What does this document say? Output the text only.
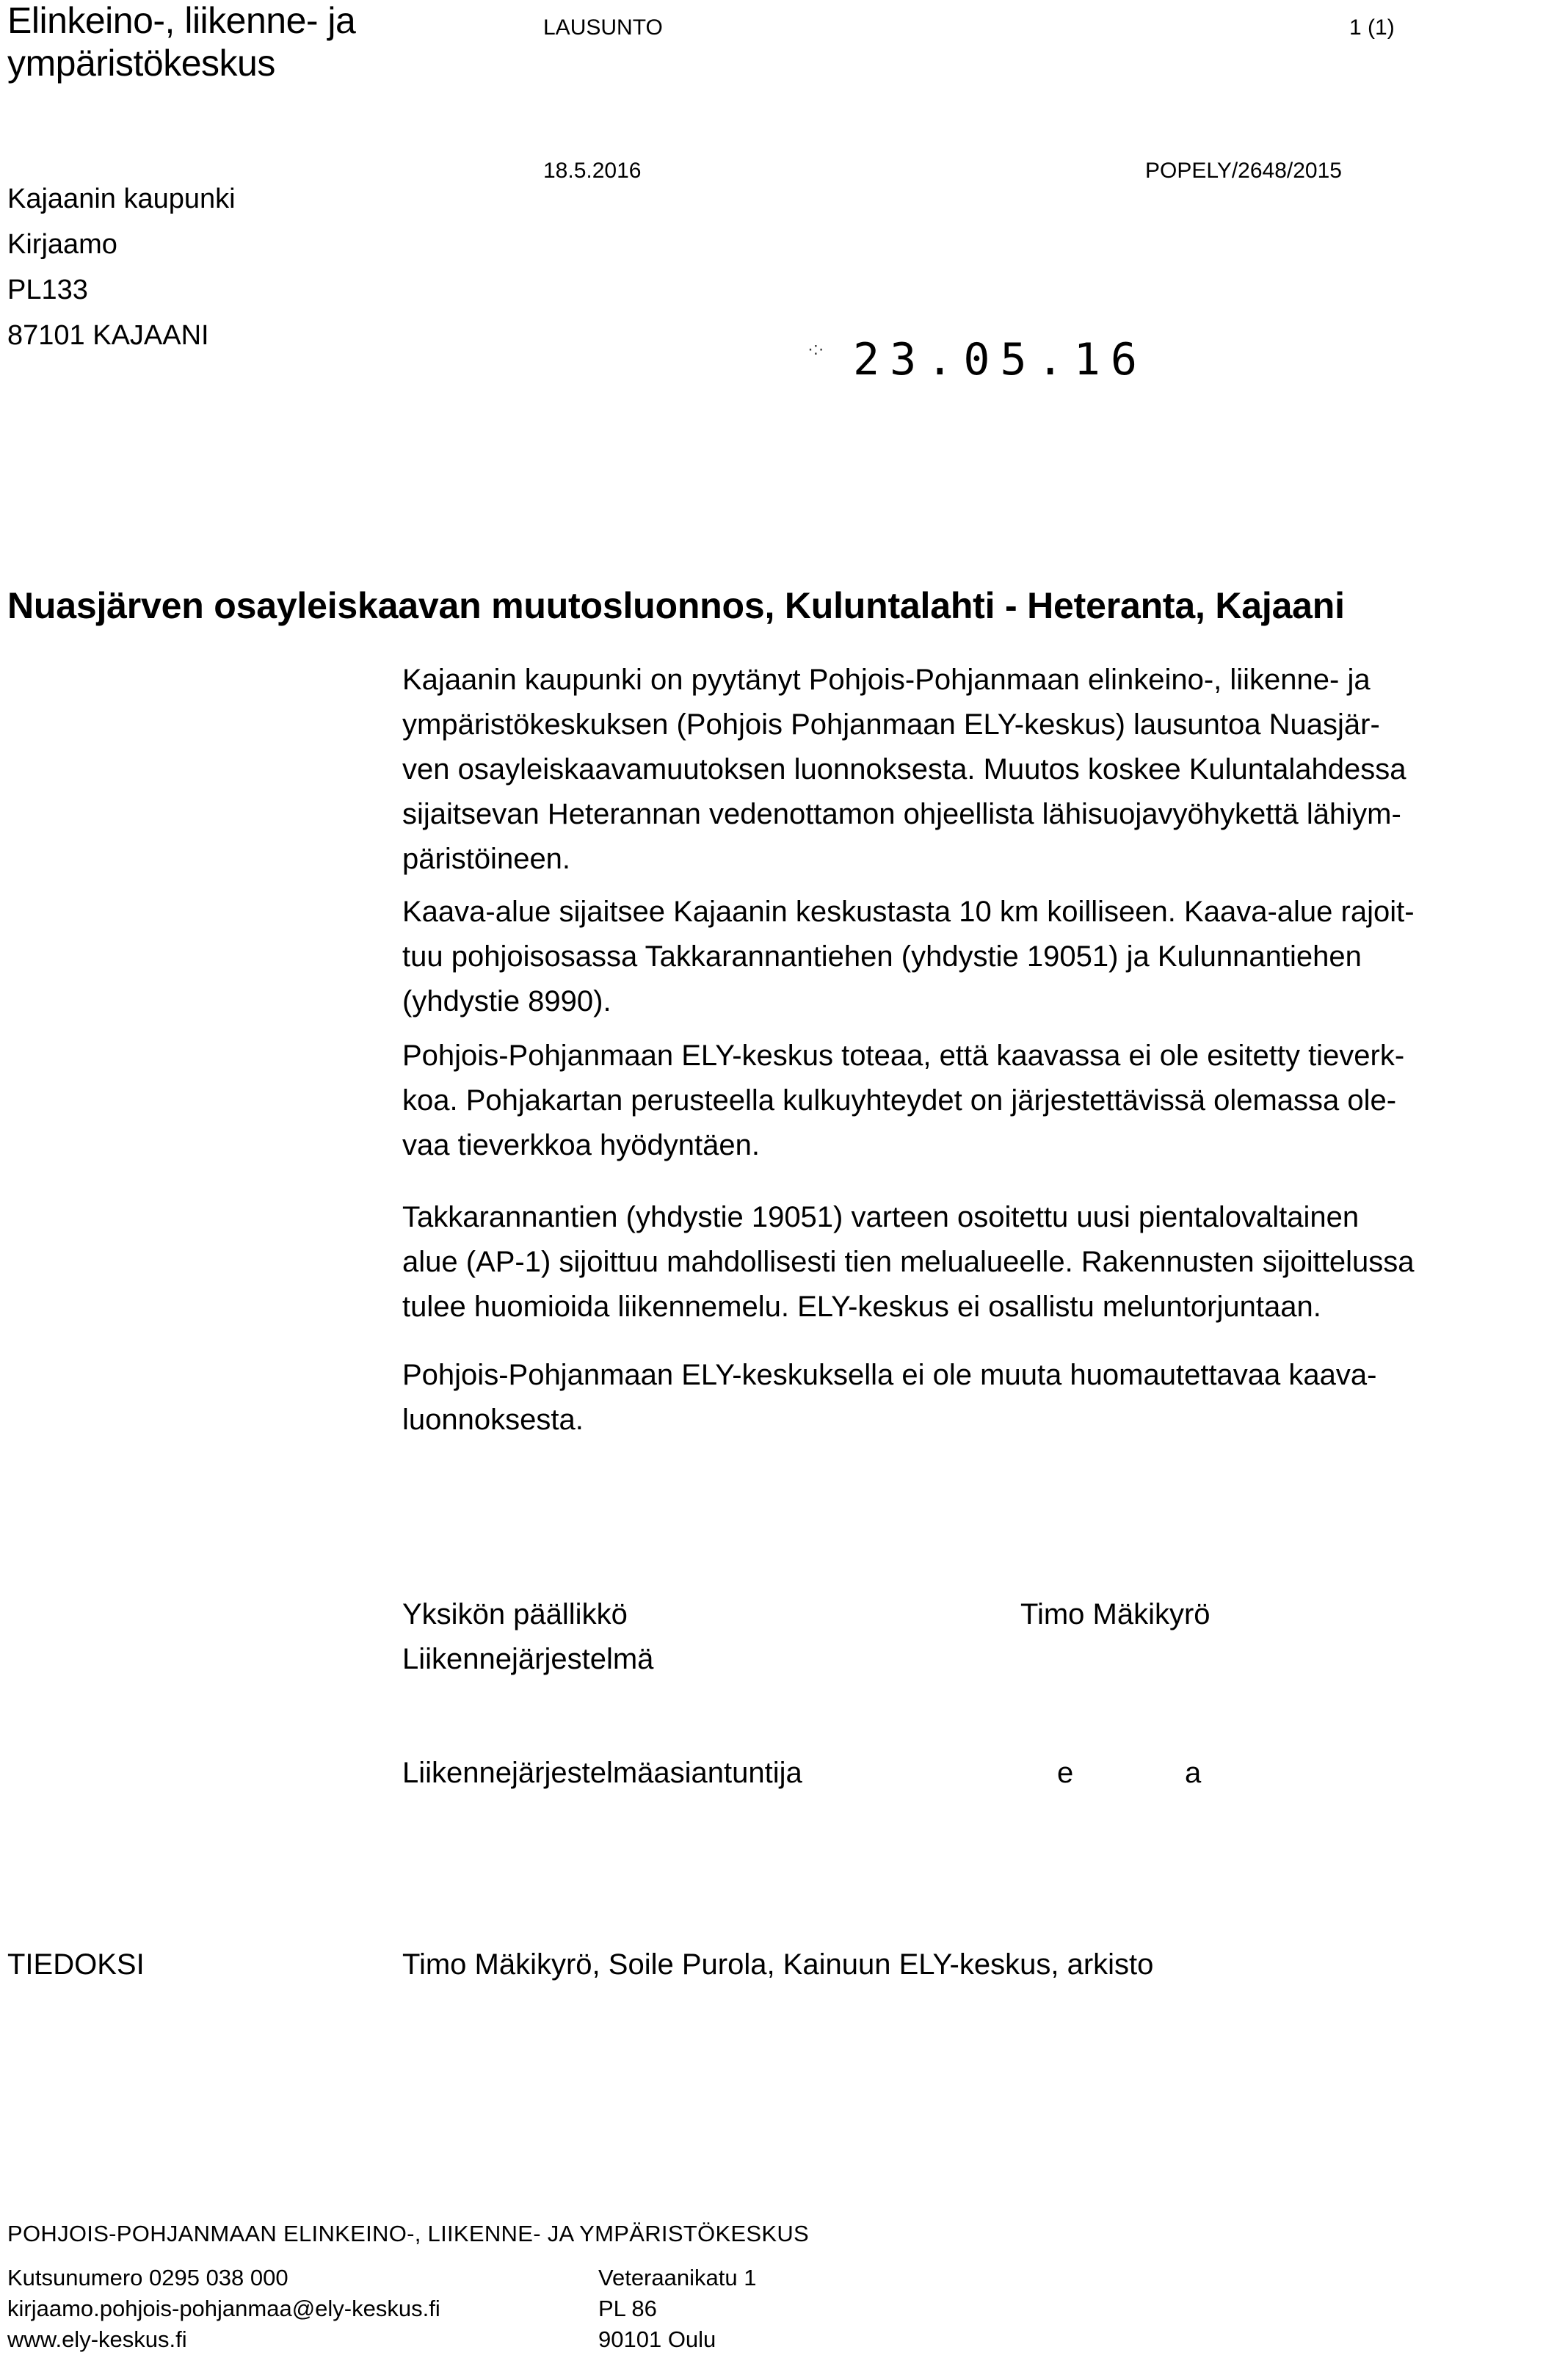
Elinkeino-, liikenne- ja
ympäristökeskus
LAUSUNTO	1 (1)
18.5.2016	POPELY/2648/2015
Kajaanin kaupunki
Kirjaamo
PL133
87101 KAJAANI	·:· 23.05.16
Nuasjärven osayleiskaavan muutosluonnos, Kuluntalahti - Heteranta, Kajaani
Kajaanin kaupunki on pyytänyt Pohjois-Pohjanmaan elinkeino-, liikenne- ja
ympäristökeskuksen (Pohjois Pohjanmaan ELY-keskus) lausuntoa Nuasjär-
ven osayleiskaavamuutoksen luonnoksesta. Muutos koskee Kuluntalahdessa
sijaitsevan Heterannan vedenottamon ohjeellista lähisuojavyöhykettä lähiym-
päristöineen.
Kaava-alue sijaitsee Kajaanin keskustasta 10 km koilliseen. Kaava-alue rajoit-
tuu pohjoisosassa Takkarannantiehen (yhdystie 19051) ja Kulunnantiehen
(yhdystie 8990).
Pohjois-Pohjanmaan ELY-keskus toteaa, että kaavassa ei ole esitetty tieverk-
koa. Pohjakartan perusteella kulkuyhteydet on järjestettävissä olemassa ole-
vaa tieverkkoa hyödyntäen.
Takkarannantien (yhdystie 19051) varteen osoitettu uusi pientalovaltainen
alue (AP-1) sijoittuu mahdollisesti tien melualueelle. Rakennusten sijoittelussa
tulee huomioida liikennemelu. ELY-keskus ei osallistu meluntorjuntaan.
Pohjois-Pohjanmaan ELY-keskuksella ei ole muuta huomautettavaa kaava-
luonnoksesta.
Yksikön päällikkö
Liikennejärjestelmä
Timo Mäkikyrö
Liikennejärjestelmäasiantuntija	e	a
TIEDOKSI	Timo Mäkikyrö, Soile Purola, Kainuun ELY-keskus, arkisto
POHJOIS-POHJANMAAN ELINKEINO-, LIIKENNE- JA YMPÄRISTÖKESKUS
Kutsunumero 0295 038 000
kirjaamo.pohjois-pohjanmaa@ely-keskus.fi
www.ely-keskus.fi
Veteraanikatu 1
PL 86
90101 Oulu
